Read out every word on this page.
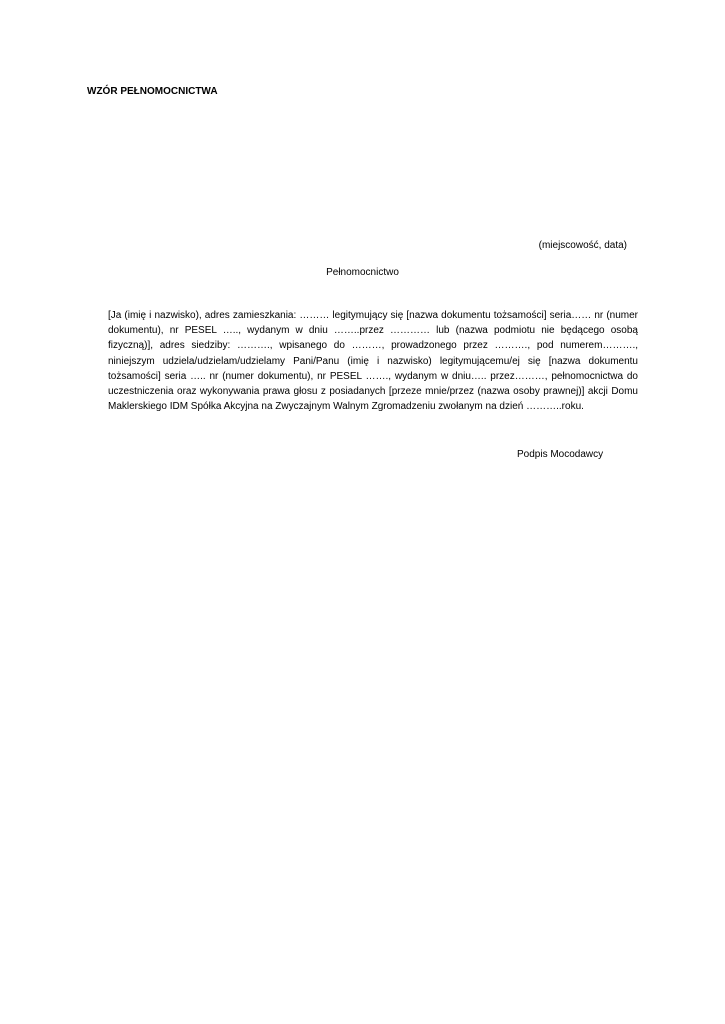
WZÓR PEŁNOMOCNICTWA
(miejscowość, data)
Pełnomocnictwo
[Ja (imię i nazwisko), adres zamieszkania: ……… legitymujący się [nazwa dokumentu tożsamości] seria…… nr (numer dokumentu), nr PESEL ….., wydanym w dniu ……..przez ………… lub (nazwa podmiotu nie będącego osobą fizyczną)], adres siedziby: ………., wpisanego do ………, prowadzonego przez ………., pod numerem………., niniejszym udziela/udzielam/udzielamy Pani/Panu (imię i nazwisko) legitymującemu/ej się [nazwa dokumentu tożsamości] seria ….. nr (numer dokumentu), nr PESEL ……., wydanym w dniu….. przez………, pełnomocnictwa do uczestniczenia oraz wykonywania prawa głosu z posiadanych [przeze mnie/przez (nazwa osoby prawnej)] akcji Domu Maklerskiego IDM Spółka Akcyjna na Zwyczajnym Walnym Zgromadzeniu zwołanym na dzień ………..roku.
Podpis Mocodawcy
